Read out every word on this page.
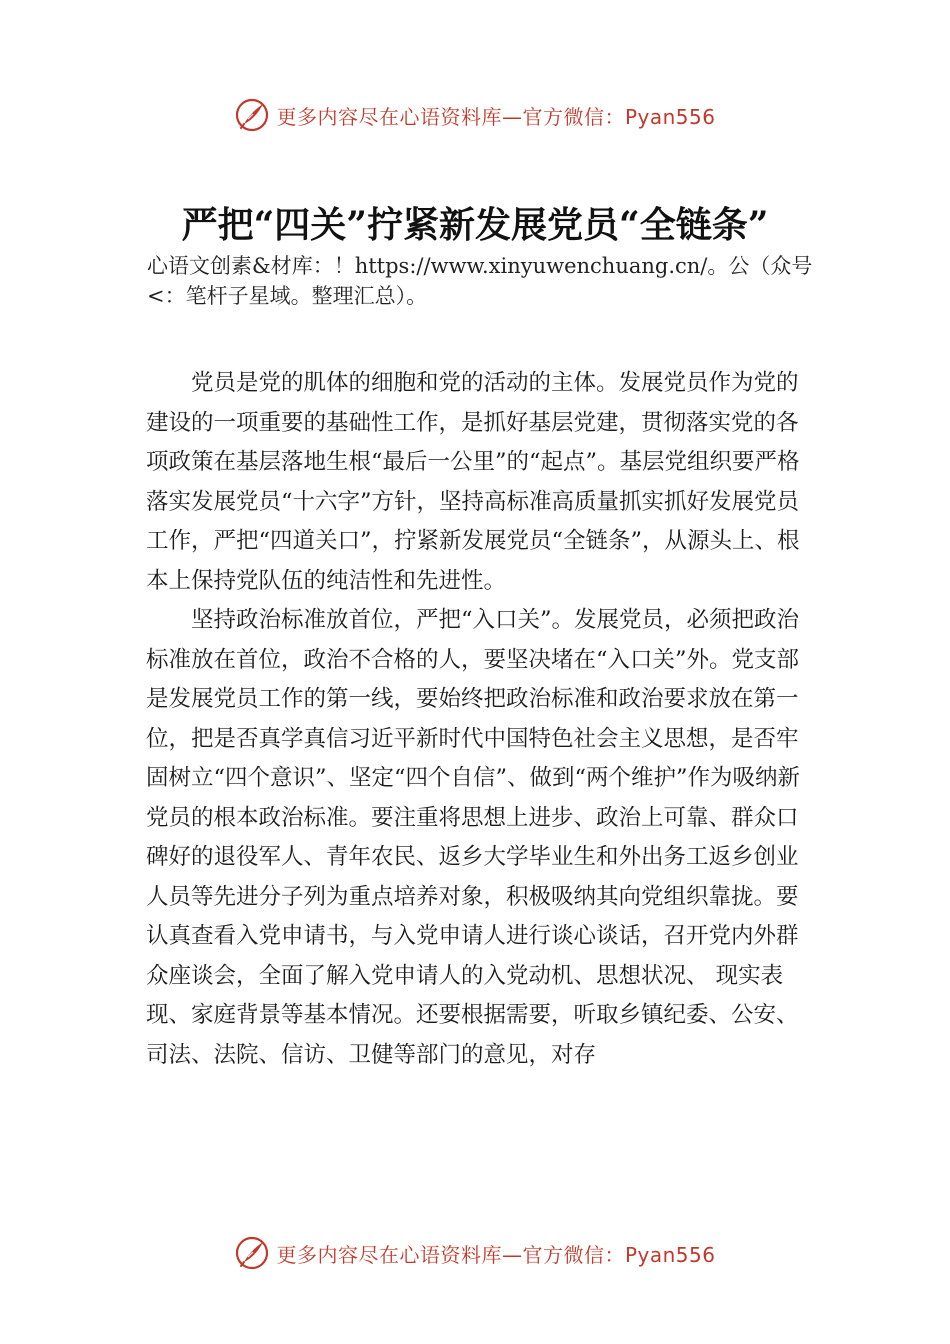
更多内容尽在心语资料库—官方微信：Pyan556
严把“四关”拧紧新发展党员“全链条”
心语文创素&材库：！https://www.xinyuwenchuang.cn/。公（众号<：笔杆子星域。整理汇总）。

党员是党的肌体的细胞和党的活动的主体。发展党员作为党的建设的一项重要的基础性工作，是抓好基层党建，贯彻落实党的各项政策在基层落地生根“最后一公里”的“起点”。基层党组织要严格落实发展党员“十六字”方针，坚持高标准高质量抓实抓好发展党员工作，严把“四道关口”，拧紧新发展党员“全链条”，从源头上、根本上保持党队伍的纯洁性和先进性。

坚持政治标准放首位，严把“入口关”。发展党员，必须把政治标准放在首位，政治不合格的人，要坚决堵在“入口关”外。党支部是发展党员工作的第一线，要始终把政治标准和政治要求放在第一位，把是否真学真信习近平新时代中国特色社会主义思想，是否牢固树立“四个意识”、坚定“四个自信”、做到“两个维护”作为吸纳新党员的根本政治标准。要注重将思想上进步、政治上可靠、群众口碑好的退役军人、青年农民、返乡大学毕业生和外出务工返乡创业人员等先进分子列为重点培养对象，积极吸纳其向党组织靠拢。要认真查看入党申请书，与入党申请人进行谈心谈话，召开党内外群众座谈会，全面了解入党申请人的入党动机、思想状况、 现实表现、家庭背景等基本情况。还要根据需要，听取乡镇纪委、公安、司法、法院、信访、卫健等部门的意见，对存

更多内容尽在心语资料库—官方微信：Pyan556
